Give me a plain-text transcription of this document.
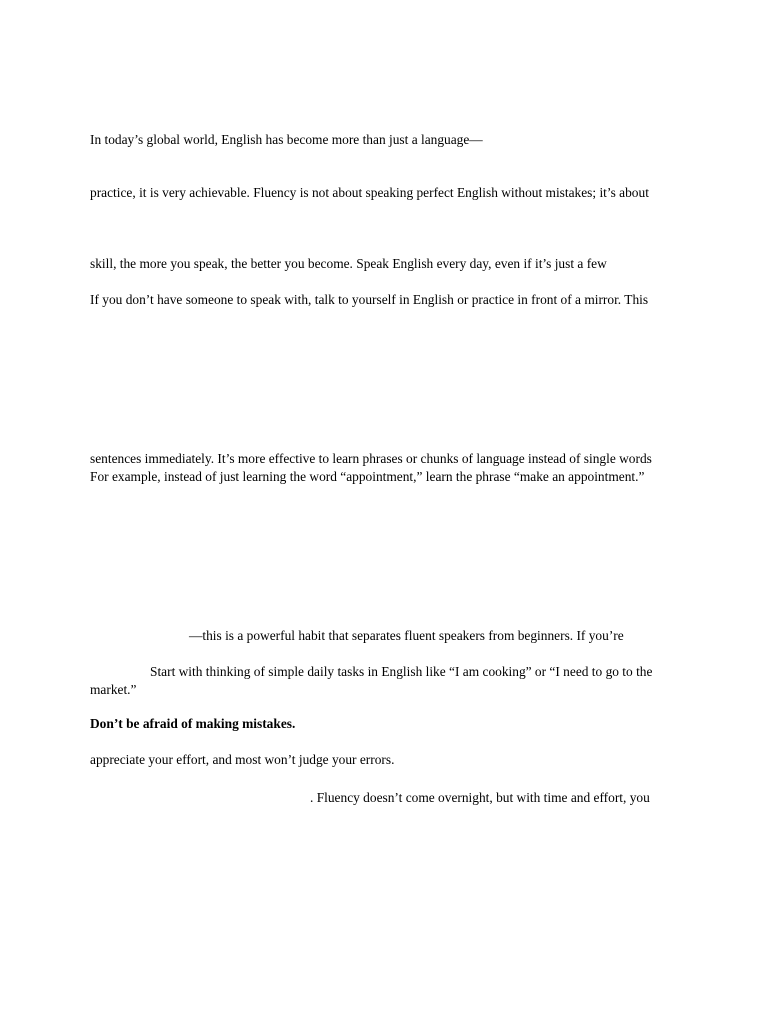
In today’s global world, English has become more than just a language—
practice, it is very achievable. Fluency is not about speaking perfect English without mistakes; it’s about
skill, the more you speak, the better you become. Speak English every day, even if it’s just a few
If you don’t have someone to speak with, talk to yourself in English or practice in front of a mirror. This
sentences immediately. It’s more effective to learn phrases or chunks of language instead of single words
For example, instead of just learning the word “appointment,” learn the phrase “make an appointment.”
—this is a powerful habit that separates fluent speakers from beginners. If you’re
Start with thinking of simple daily tasks in English like “I am cooking” or “I need to go to the
market.”
Don’t be afraid of making mistakes.
appreciate your effort, and most won’t judge your errors.
. Fluency doesn’t come overnight, but with time and effort, you
